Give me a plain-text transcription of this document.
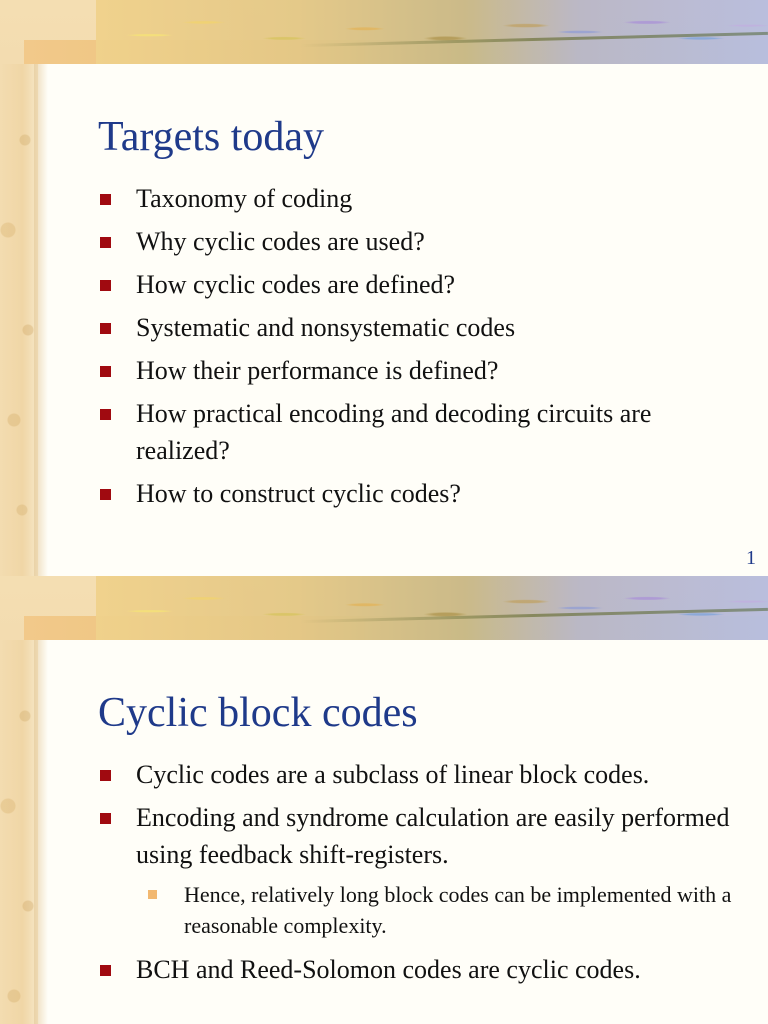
Targets today
Taxonomy of coding
Why cyclic codes are used?
How cyclic codes are defined?
Systematic and nonsystematic codes
How their performance is defined?
How practical encoding and decoding circuits are realized?
How to construct cyclic codes?
1
Cyclic block codes
Cyclic codes are a subclass of linear block codes.
Encoding and syndrome calculation are easily performed using feedback shift-registers.
Hence, relatively long block codes can be implemented with a reasonable complexity.
BCH and Reed-Solomon codes are cyclic codes.
